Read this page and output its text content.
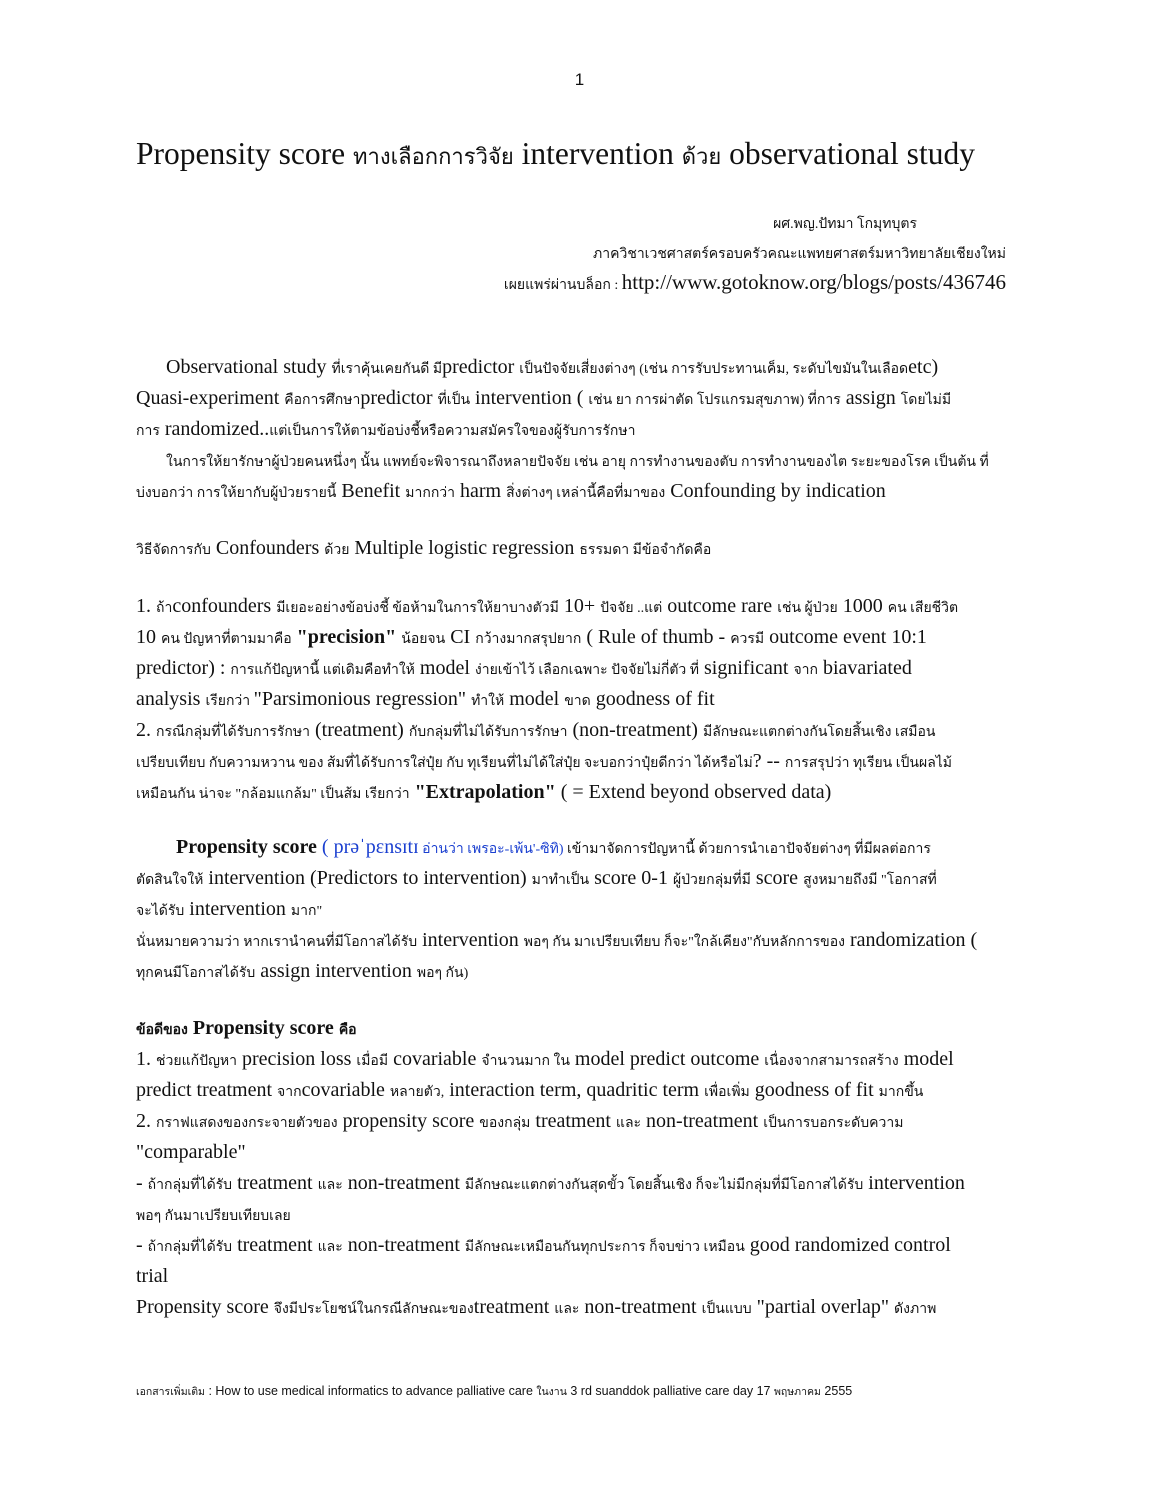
1
Propensity score ทางเลือกการวิจัย intervention ด้วย observational study
ผศ.พญ.ปัทมา โกมุทบุตร
ภาควิชาเวชศาสตร์ครอบครัวคณะแพทยศาสตร์มหาวิทยาลัยเชียงใหม่
เผยแพร่ผ่านบล็อก : http://www.gotoknow.org/blogs/posts/436746
Observational study ที่เราคุ้นเคยกันดี มีpredictor เป็นปัจจัยเสี่ยงต่างๆ (เช่น การรับประทานเค็ม, ระดับไขมันในเลือดetc)
Quasi-experiment คือการศึกษาpredictor ที่เป็น intervention ( เช่น ยา การผ่าตัด โปรแกรมสุขภาพ) ที่การ assign โดยไม่มี
การ randomized..แต่เป็นการให้ตามข้อบ่งชี้หรือความสมัครใจของผู้รับการรักษา
ในการให้ยารักษาผู้ป่วยคนหนึ่งๆ นั้น แพทย์จะพิจารณาถึงหลายปัจจัย เช่น อายุ การทำงานของตับ การทำงานของไต ระยะของโรค เป็นต้น ที่
บ่งบอกว่า การให้ยากับผู้ป่วยรายนี้ Benefit มากกว่า harm สิ่งต่างๆ เหล่านี้คือที่มาของ Confounding by indication
วิธีจัดการกับ Confounders ด้วย Multiple logistic regression ธรรมดา มีข้อจำกัดคือ
1. ถ้าconfounders มีเยอะอย่างข้อบ่งชี้ ข้อห้ามในการให้ยาบางตัวมี 10+ ปัจจัย ..แต่ outcome rare เช่น ผู้ป่วย 1000 คน เสียชีวิต
10 คน ปัญหาที่ตามมาคือ "precision" น้อยจน CI กว้างมากสรุปยาก ( Rule of thumb - ควรมี outcome event 10:1
predictor) : การแก้ปัญหานี้ แต่เดิมคือทำให้ model ง่ายเข้าไว้ เลือกเฉพาะ ปัจจัยไม่กี่ตัว ที่ significant จาก biavariated
analysis เรียกว่า "Parsimonious regression" ทำให้ model ขาด goodness of fit
2. กรณีกลุ่มที่ได้รับการรักษา (treatment) กับกลุ่มที่ไม่ได้รับการรักษา (non-treatment) มีลักษณะแตกต่างกันโดยสิ้นเชิง เสมือน
เปรียบเทียบ กับความหวาน ของ ส้มที่ได้รับการใส่ปุ๋ย กับ ทุเรียนที่ไม่ได้ใส่ปุ๋ย จะบอกว่าปุ๋ยดีกว่า ได้หรือไม่? -- การสรุปว่า ทุเรียน เป็นผลไม้
เหมือนกัน น่าจะ "กล้อมแกล้ม" เป็นส้ม เรียกว่า "Extrapolation" ( = Extend beyond observed data)
Propensity score ( prəˈpɛnsɪtɪ อ่านว่า เพรอะ-เพ้น'-ซิทิ) เข้ามาจัดการปัญหานี้ ด้วยการนำเอาปัจจัยต่างๆ ที่มีผลต่อการ
ตัดสินใจให้ intervention (Predictors to intervention) มาทำเป็น score 0-1 ผู้ป่วยกลุ่มที่มี score สูงหมายถึงมี "โอกาสที่
จะได้รับ intervention มาก"
นั่นหมายความว่า หากเรานำคนที่มีโอกาสได้รับ intervention พอๆ กัน มาเปรียบเทียบ ก็จะ"ใกล้เคียง"กับหลักการของ randomization (
ทุกคนมีโอกาสได้รับ assign intervention พอๆ กัน)
ข้อดีของ Propensity score คือ
1. ช่วยแก้ปัญหา precision loss เมื่อมี covariable จำนวนมาก ใน model predict outcome เนื่องจากสามารถสร้าง model
predict treatment จากcovariable หลายตัว, interaction term, quadritic term เพื่อเพิ่ม goodness of fit มากขึ้น
2. กราฟแสดงของกระจายตัวของ propensity score ของกลุ่ม treatment และ non-treatment เป็นการบอกระดับความ
"comparable"
- ถ้ากลุ่มที่ได้รับ treatment และ non-treatment มีลักษณะแตกต่างกันสุดขั้ว โดยสิ้นเชิง ก็จะไม่มีกลุ่มที่มีโอกาสได้รับ intervention
พอๆ กันมาเปรียบเทียบเลย
- ถ้ากลุ่มที่ได้รับ treatment และ non-treatment มีลักษณะเหมือนกันทุกประการ ก็จบข่าว เหมือน good randomized control
trial
Propensity score จึงมีประโยชน์ในกรณีลักษณะของtreatment และ non-treatment เป็นแบบ "partial overlap" ดังภาพ
เอกสารเพิ่มเติม : How to use medical informatics to advance palliative care ในงาน 3 rd suanddok palliative care day 17 พฤษภาคม 2555
